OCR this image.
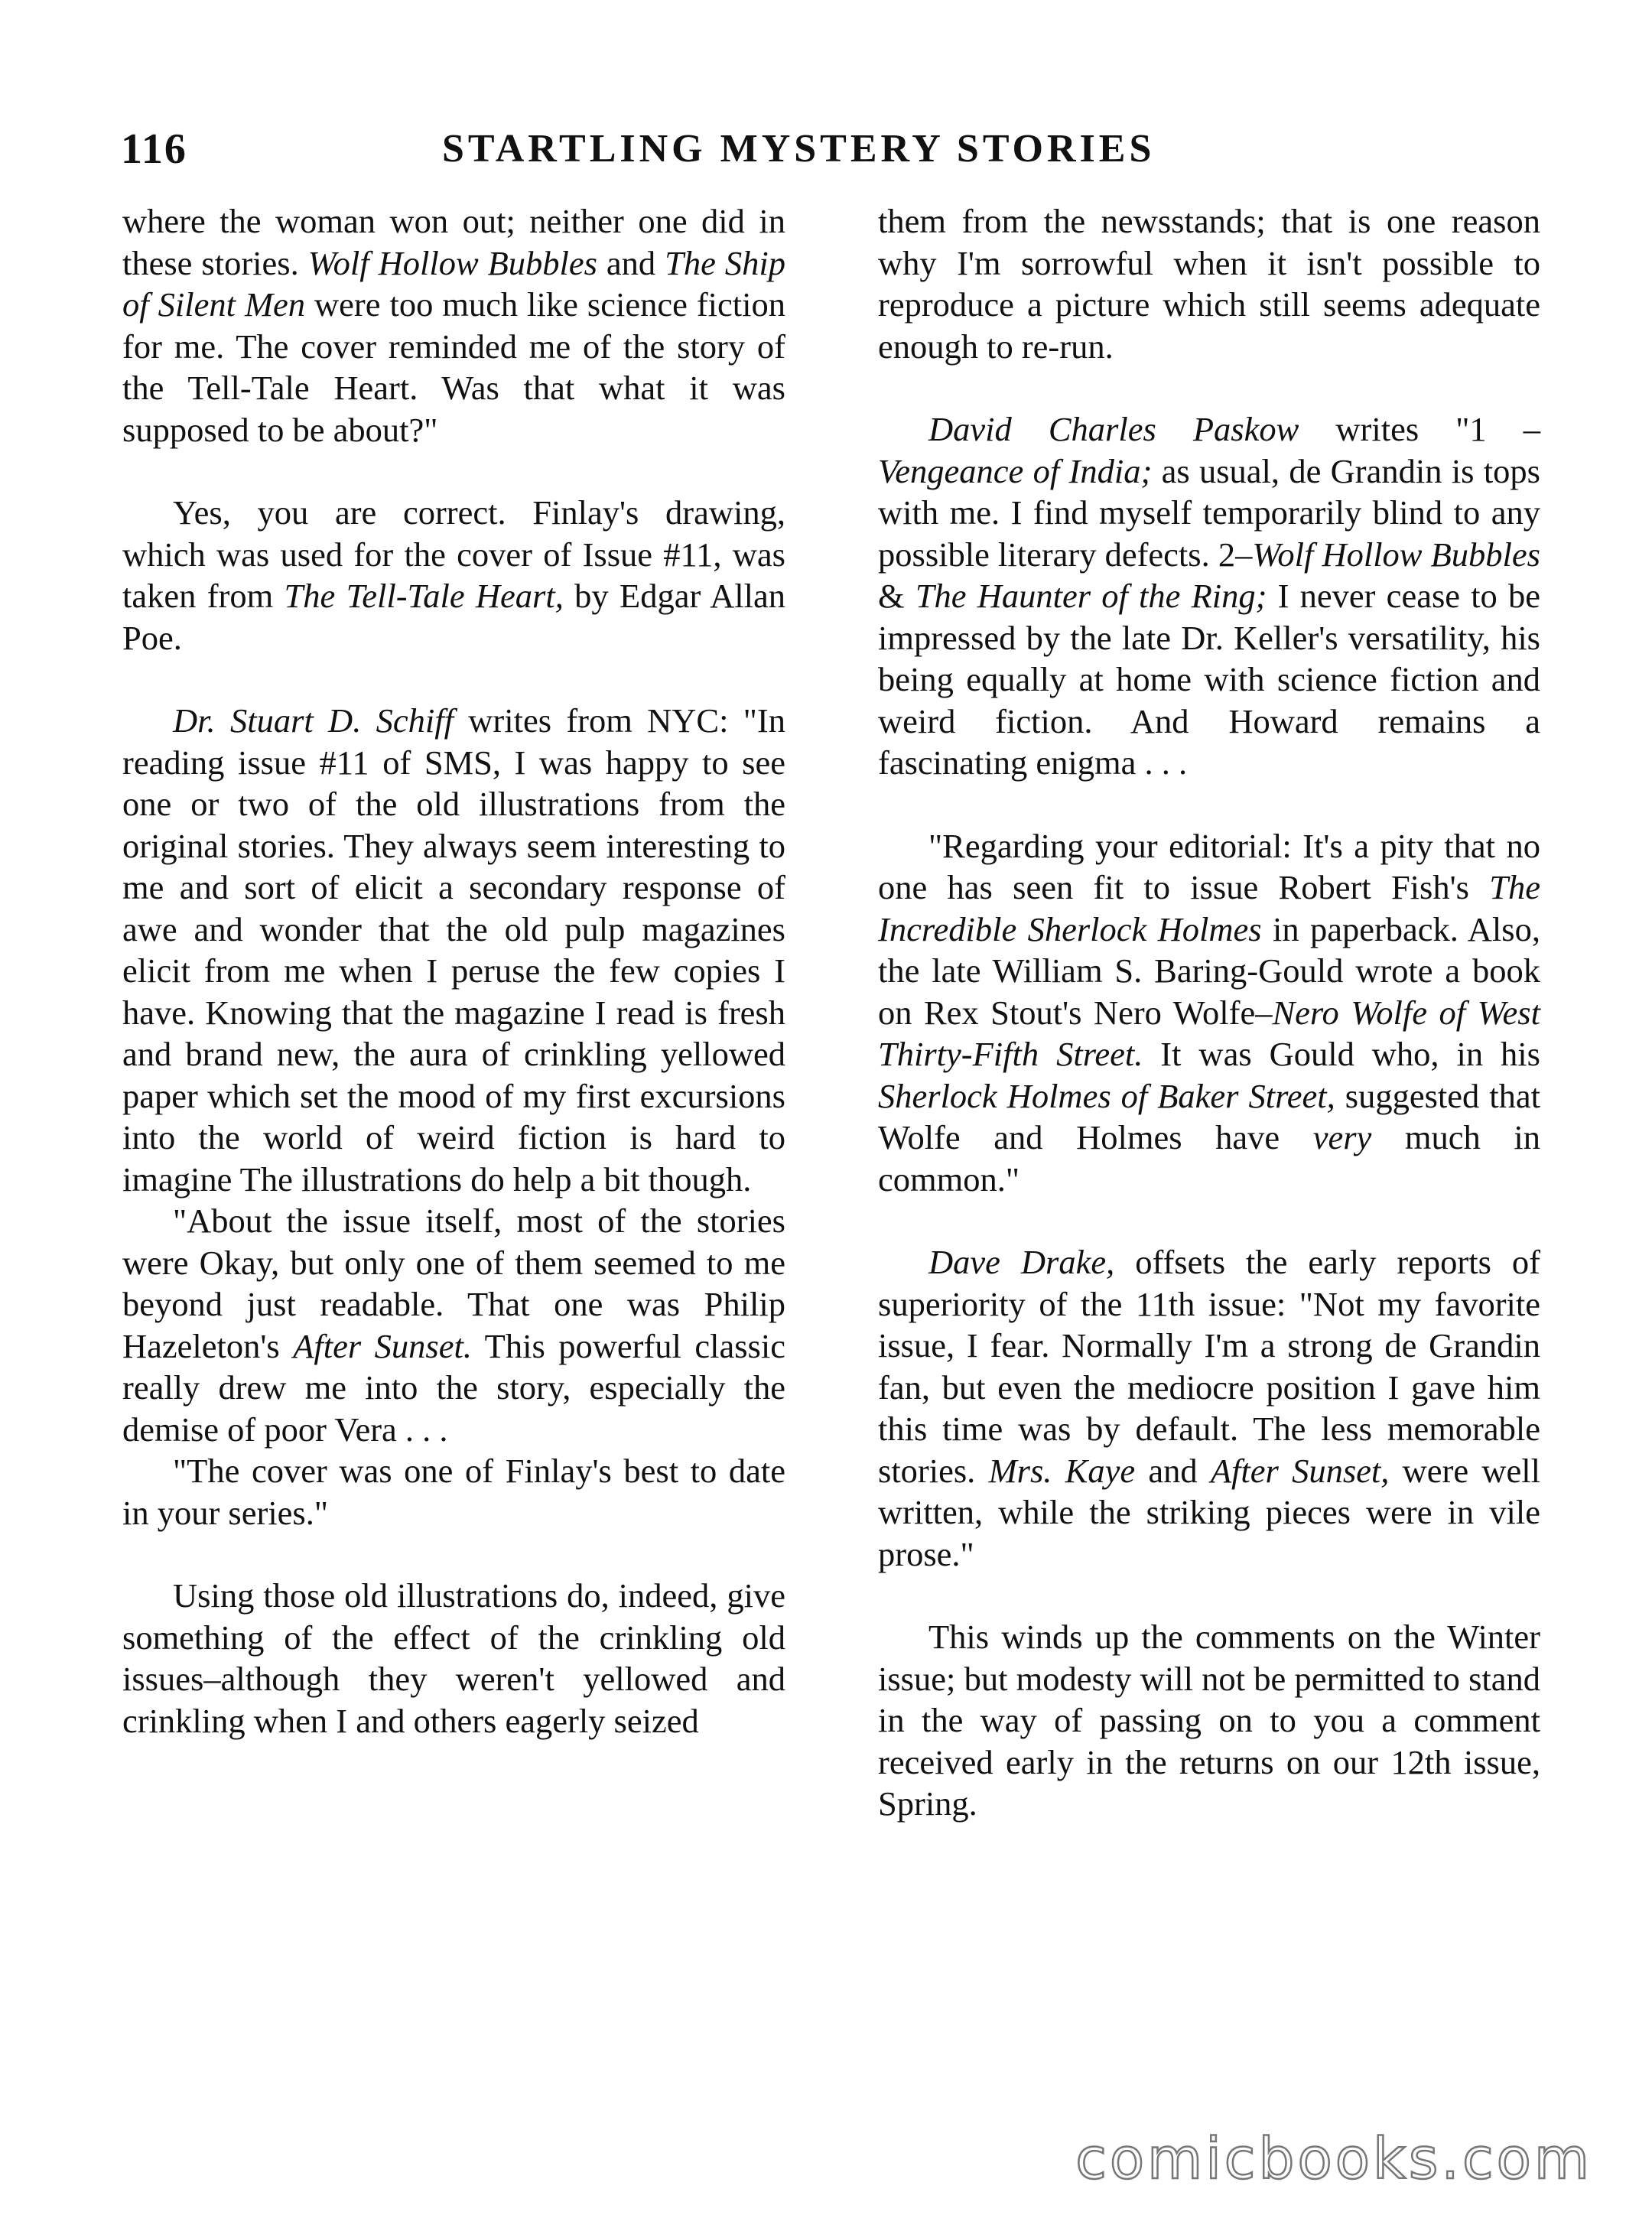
116	STARTLING MYSTERY STORIES

where the woman won out; neither one did in these stories. Wolf Hollow Bubbles and The Ship of Silent Men were too much like science fiction for me. The cover reminded me of the story of the Tell-Tale Heart. Was that what it was supposed to be about?"

Yes, you are correct. Finlay's drawing, which was used for the cover of Issue #11, was taken from The Tell-Tale Heart, by Edgar Allan Poe.

Dr. Stuart D. Schiff writes from NYC: "In reading issue #11 of SMS, I was happy to see one or two of the old illustrations from the original stories. They always seem interesting to me and sort of elicit a secondary response of awe and wonder that the old pulp magazines elicit from me when I peruse the few copies I have. Knowing that the magazine I read is fresh and brand new, the aura of crinkling yellowed paper which set the mood of my first excursions into the world of weird fiction is hard to imagine The illustrations do help a bit though.

"About the issue itself, most of the stories were Okay, but only one of them seemed to me beyond just readable. That one was Philip Hazeleton's After Sunset. This powerful classic really drew me into the story, especially the demise of poor Vera . . .

"The cover was one of Finlay's best to date in your series."

Using those old illustrations do, indeed, give something of the effect of the crinkling old issues–although they weren't yellowed and crinkling when I and others eagerly seized

them from the newsstands; that is one reason why I'm sorrowful when it isn't possible to reproduce a picture which still seems adequate enough to re-run.

David Charles Paskow writes "1 –Vengeance of India; as usual, de Grandin is tops with me. I find myself temporarily blind to any possible literary defects. 2–Wolf Hollow Bubbles & The Haunter of the Ring; I never cease to be impressed by the late Dr. Keller's versatility, his being equally at home with science fiction and weird fiction. And Howard remains a fascinating enigma . . .

"Regarding your editorial: It's a pity that no one has seen fit to issue Robert Fish's The Incredible Sherlock Holmes in paperback. Also, the late William S. Baring-Gould wrote a book on Rex Stout's Nero Wolfe–Nero Wolfe of West Thirty-Fifth Street. It was Gould who, in his Sherlock Holmes of Baker Street, suggested that Wolfe and Holmes have very much in common."

Dave Drake, offsets the early reports of superiority of the 11th issue: "Not my favorite issue, I fear. Normally I'm a strong de Grandin fan, but even the mediocre position I gave him this time was by default. The less memorable stories. Mrs. Kaye and After Sunset, were well written, while the striking pieces were in vile prose."

This winds up the comments on the Winter issue; but modesty will not be permitted to stand in the way of passing on to you a comment received early in the returns on our 12th issue, Spring.

comicbooks.com
